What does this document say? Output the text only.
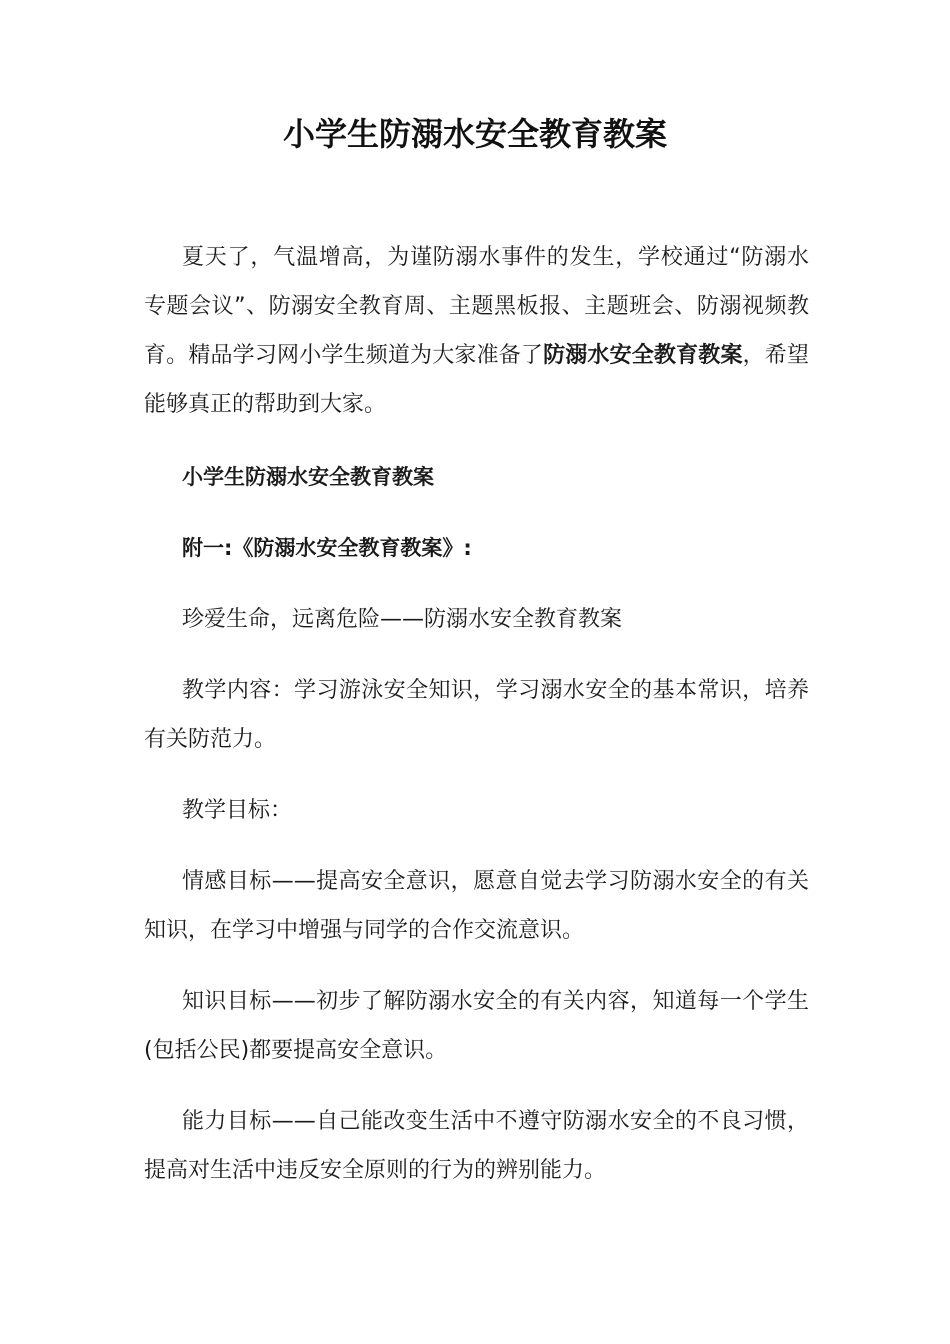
小学生防溺水安全教育教案

夏天了，气温增高，为谨防溺水事件的发生，学校通过“防溺水专题会议”、防溺安全教育周、主题黑板报、主题班会、防溺视频教育。精品学习网小学生频道为大家准备了防溺水安全教育教案，希望能够真正的帮助到大家。

小学生防溺水安全教育教案

附一:《防溺水安全教育教案》:

珍爱生命，远离危险——防溺水安全教育教案

教学内容：学习游泳安全知识，学习溺水安全的基本常识，培养有关防范力。

教学目标：

情感目标——提高安全意识，愿意自觉去学习防溺水安全的有关知识，在学习中增强与同学的合作交流意识。

知识目标——初步了解防溺水安全的有关内容，知道每一个学生(包括公民)都要提高安全意识。

能力目标——自己能改变生活中不遵守防溺水安全的不良习惯，提高对生活中违反安全原则的行为的辨别能力。
